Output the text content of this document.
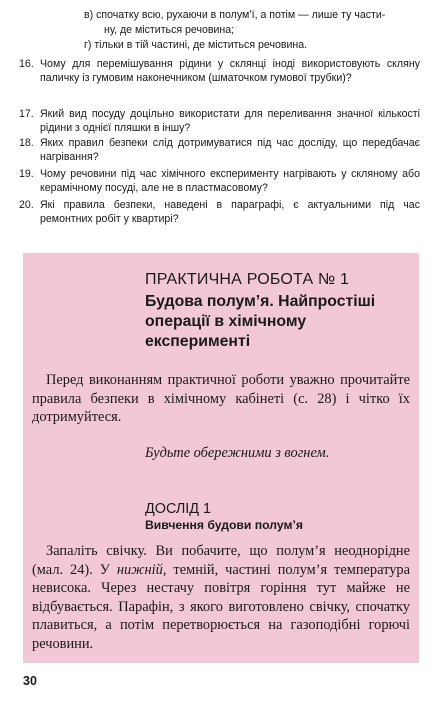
в) спочатку всю, рухаючи в полум’ї, а потім — лише ту части-
ну, де міститься речовина;
г) тільки в тій частині, де міститься речовина.
16. Чому для перемішування рідини у склянці іноді використовують скляну паличку із гумовим наконечником (шматочком гумової трубки)?
17. Який вид посуду доцільно використати для переливання значної кількості рідини з однієї пляшки в іншу?
18. Яких правил безпеки слід дотримуватися під час досліду, що передбачає нагрівання?
19. Чому речовини під час хімічного експерименту нагрівають у скляному або керамічному посуді, але не в пластмасовому?
20. Які правила безпеки, наведені в параграфі, є актуальними під час ремонтних робіт у квартирі?
ПРАКТИЧНА РОБОТА № 1
Будова полум’я. Найпростіші операції в хімічному експерименті
Перед виконанням практичної роботи уважно прочитайте правила безпеки в хімічному кабінеті (с. 28) і чітко їх дотримуйтеся.
Будьте обережними з вогнем.
ДОСЛІД 1
Вивчення будови полум’я
Запаліть свічку. Ви побачите, що полум’я неоднорідне (мал. 24). У нижній, темній, частині полум’я температура невисока. Через нестачу повітря горіння тут майже не відбувається. Парафін, з якого виготовлено свічку, спочатку плавиться, а потім перетворюється на газоподібні горючі речовини.
30
